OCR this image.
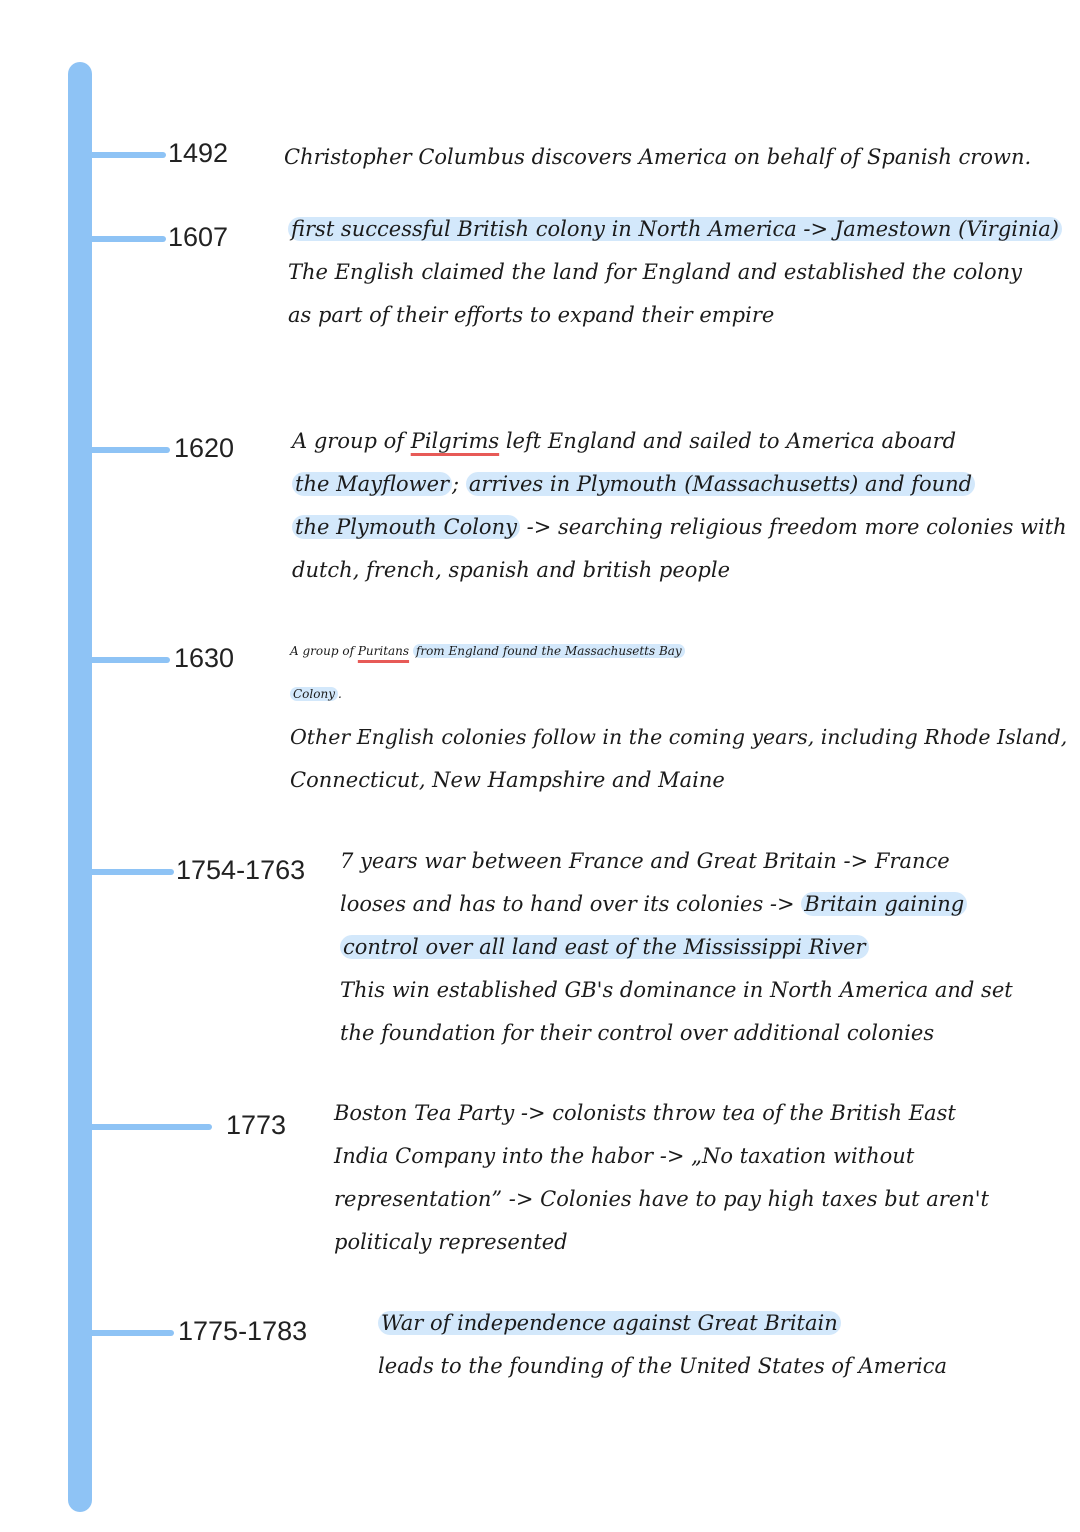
1492
1607
1620
1630
1754-1763
1773
1775-1783
Christopher Columbus discovers America on behalf of Spanish crown.
first successful British colony in North America -> Jamestown (Virginia)
The English claimed the land for England and established the colony
as part of their efforts to expand their empire
A group of Pilgrims left England and sailed to America aboard
the Mayflower ; arrives in Plymouth (Massachusetts) and found
the Plymouth Colony -> searching religious freedom more colonies with
dutch, french, spanish and british people
A group of Puritans from England found the Massachusetts Bay
Colony .
Other English colonies follow in the coming years, including Rhode Island,
Connecticut, New Hampshire and Maine
7 years war between France and Great Britain -> France
looses and has to hand over its colonies -> Britain gaining
control over all land east of the Mississippi River
This win established GB's dominance in North America and set
the foundation for their control over additional colonies
Boston Tea Party -> colonists throw tea of the British East
India Company into the habor -> „No taxation without
representation” -> Colonies have to pay high taxes but aren't
politicaly represented
War of independence against Great Britain
leads to the founding of the United States of America
